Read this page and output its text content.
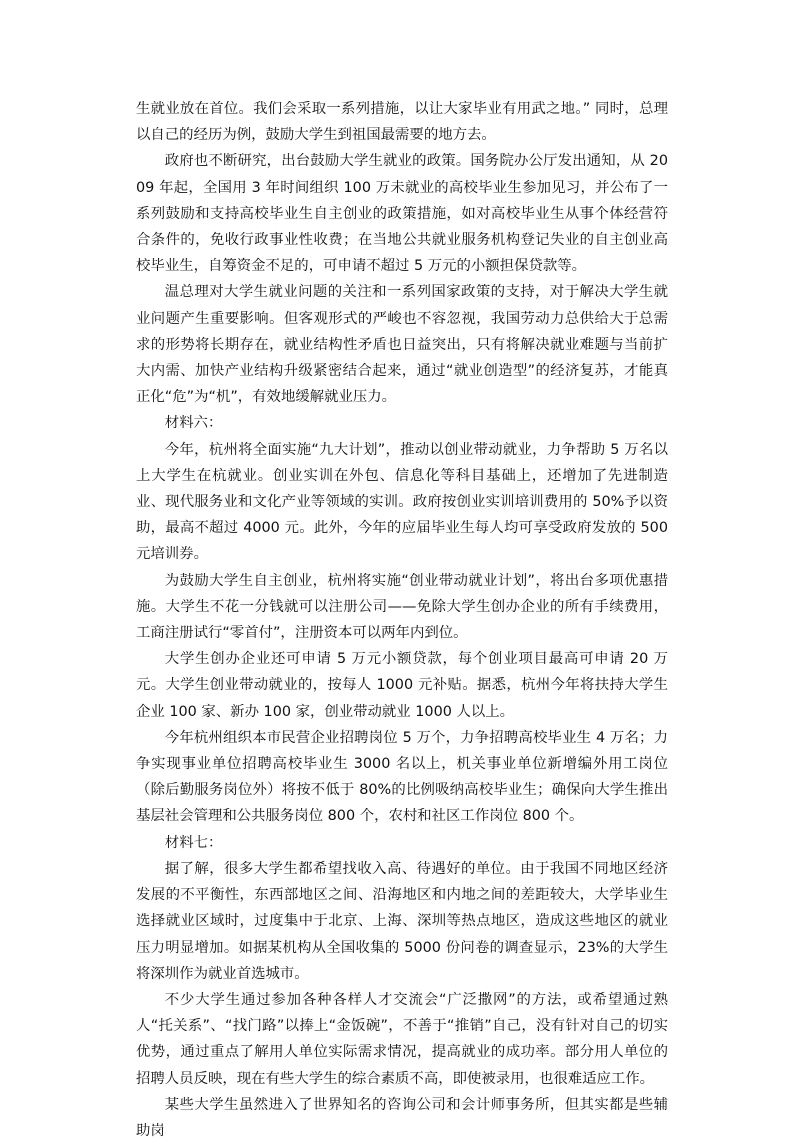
生就业放在首位。我们会采取一系列措施，以让大家毕业有用武之地。” 同时，总理以自己的经历为例，鼓励大学生到祖国最需要的地方去。

政府也不断研究，出台鼓励大学生就业的政策。国务院办公厅发出通知，从 2009 年起，全国用 3 年时间组织 100 万未就业的高校毕业生参加见习，并公布了一系列鼓励和支持高校毕业生自主创业的政策措施，如对高校毕业生从事个体经营符合条件的，免收行政事业性收费；在当地公共就业服务机构登记失业的自主创业高校毕业生，自筹资金不足的，可申请不超过 5 万元的小额担保贷款等。

温总理对大学生就业问题的关注和一系列国家政策的支持，对于解决大学生就业问题产生重要影响。但客观形式的严峻也不容忽视，我国劳动力总供给大于总需求的形势将长期存在，就业结构性矛盾也日益突出，只有将解决就业难题与当前扩大内需、加快产业结构升级紧密结合起来，通过“就业创造型”的经济复苏，才能真正化“危”为“机”，有效地缓解就业压力。

材料六：

今年，杭州将全面实施“九大计划”，推动以创业带动就业，力争帮助 5 万名以上大学生在杭就业。创业实训在外包、信息化等科目基础上，还增加了先进制造业、现代服务业和文化产业等领域的实训。政府按创业实训培训费用的 50%予以资助，最高不超过 4000 元。此外，今年的应届毕业生每人均可享受政府发放的 500 元培训券。

为鼓励大学生自主创业，杭州将实施“创业带动就业计划”，将出台多项优惠措施。大学生不花一分钱就可以注册公司——免除大学生创办企业的所有手续费用，工商注册试行“零首付”，注册资本可以两年内到位。

大学生创办企业还可申请 5 万元小额贷款，每个创业项目最高可申请 20 万元。大学生创业带动就业的，按每人 1000 元补贴。据悉，杭州今年将扶持大学生企业 100 家、新办 100 家，创业带动就业 1000 人以上。

今年杭州组织本市民营企业招聘岗位 5 万个，力争招聘高校毕业生 4 万名；力争实现事业单位招聘高校毕业生 3000 名以上，机关事业单位新增编外用工岗位（除后勤服务岗位外）将按不低于 80%的比例吸纳高校毕业生；确保向大学生推出基层社会管理和公共服务岗位 800 个，农村和社区工作岗位 800 个。

材料七：

据了解，很多大学生都希望找收入高、待遇好的单位。由于我国不同地区经济发展的不平衡性，东西部地区之间、沿海地区和内地之间的差距较大，大学毕业生选择就业区域时，过度集中于北京、上海、深圳等热点地区，造成这些地区的就业压力明显增加。如据某机构从全国收集的 5000 份问卷的调查显示，23%的大学生将深圳作为就业首选城市。

不少大学生通过参加各种各样人才交流会“广泛撒网”的方法，或希望通过熟人“托关系”、“找门路”以捧上“金饭碗”，不善于“推销”自己，没有针对自己的切实优势，通过重点了解用人单位实际需求情况，提高就业的成功率。部分用人单位的招聘人员反映，现在有些大学生的综合素质不高，即使被录用，也很难适应工作。

某些大学生虽然进入了世界知名的咨询公司和会计师事务所，但其实都是些辅助岗
